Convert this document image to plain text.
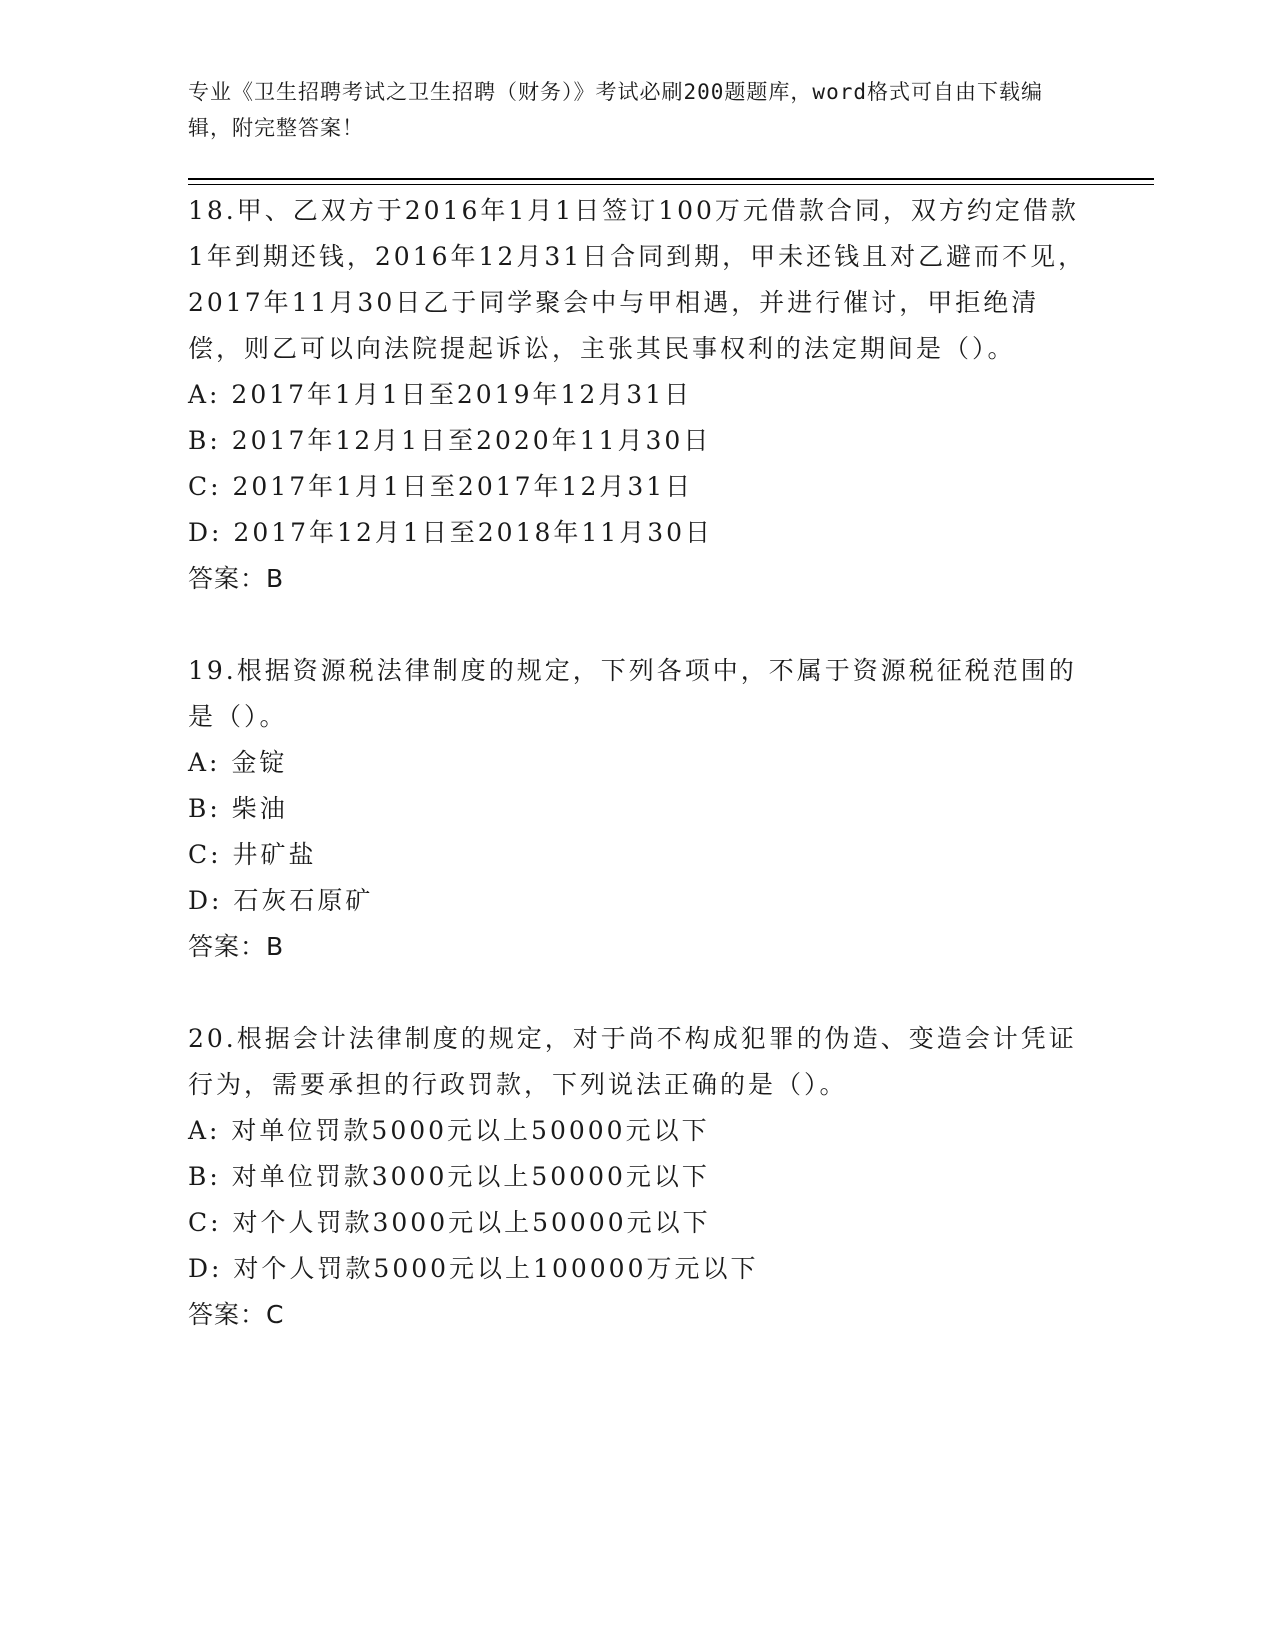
专业《卫生招聘考试之卫生招聘（财务）》考试必刷200题题库，word格式可自由下载编辑，附完整答案！

18.甲、乙双方于2016年1月1日签订100万元借款合同，双方约定借款1年到期还钱，2016年12月31日合同到期，甲未还钱且对乙避而不见，2017年11月30日乙于同学聚会中与甲相遇，并进行催讨，甲拒绝清偿，则乙可以向法院提起诉讼，主张其民事权利的法定期间是（）。

A: 2017年1月1日至2019年12月31日

B: 2017年12月1日至2020年11月30日

C: 2017年1月1日至2017年12月31日

D: 2017年12月1日至2018年11月30日

答案：B

19.根据资源税法律制度的规定，下列各项中，不属于资源税征税范围的是（）。

A: 金锭

B: 柴油

C: 井矿盐

D: 石灰石原矿

答案：B

20.根据会计法律制度的规定，对于尚不构成犯罪的伪造、变造会计凭证行为，需要承担的行政罚款，下列说法正确的是（）。

A: 对单位罚款5000元以上50000元以下

B: 对单位罚款3000元以上50000元以下

C: 对个人罚款3000元以上50000元以下

D: 对个人罚款5000元以上100000万元以下

答案：C
